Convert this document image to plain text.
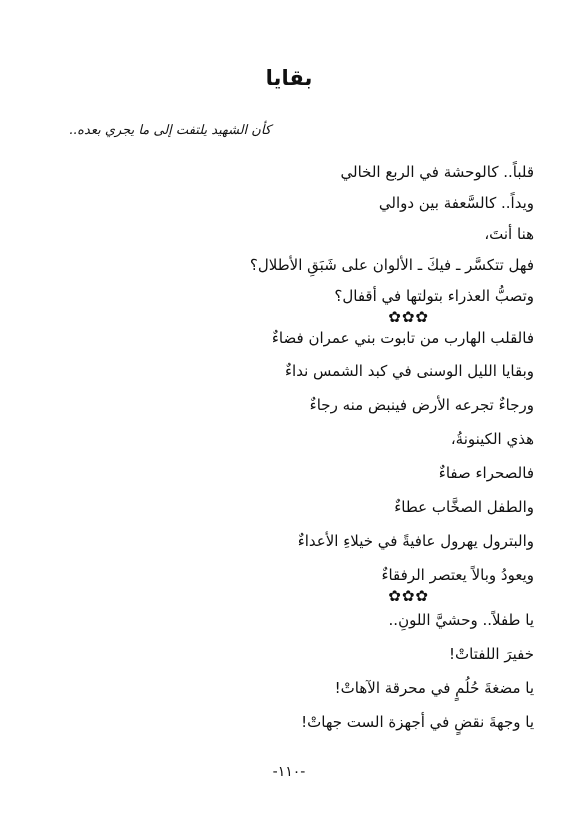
بقايا
كأن الشهيد يلتفت إلى ما يجري بعده..
قلباً.. كالوحشة في الربع الخالي
ويداً.. كالسَّعفة بين دوالي
هنا أنتَ،
فهل تتكسَّر ـ فيكَ ـ الألوان على شَبَقِ الأطلال؟
وتصبُّ العذراء بتولتها في أقفال؟
✿✿✿
فالقلب الهارب من تابوت بني عمران فضاءٌ
وبقايا الليل الوسنى في كبد الشمس نداءٌ
ورجاءٌ تجرعه الأرض فينبض منه رجاءٌ
هذي الكينونةُ،
فالصحراء صفاءٌ
والطفل الصخَّاب عطاءٌ
والبترول يهرول عافيةً في خيلاءِ الأعداءٌ
ويعودُ وبالاً يعتصر الرفقاءٌ
✿✿✿
يا طفلاً.. وحشيَّ اللونِ..
خفيرَ اللفتاتْ!
يا مضغةَ حُلُمٍ في محرقة الآهاتْ!
يا وجهةَ نقضٍ في أجهزة الست جهاتْ!
-١١٠-
